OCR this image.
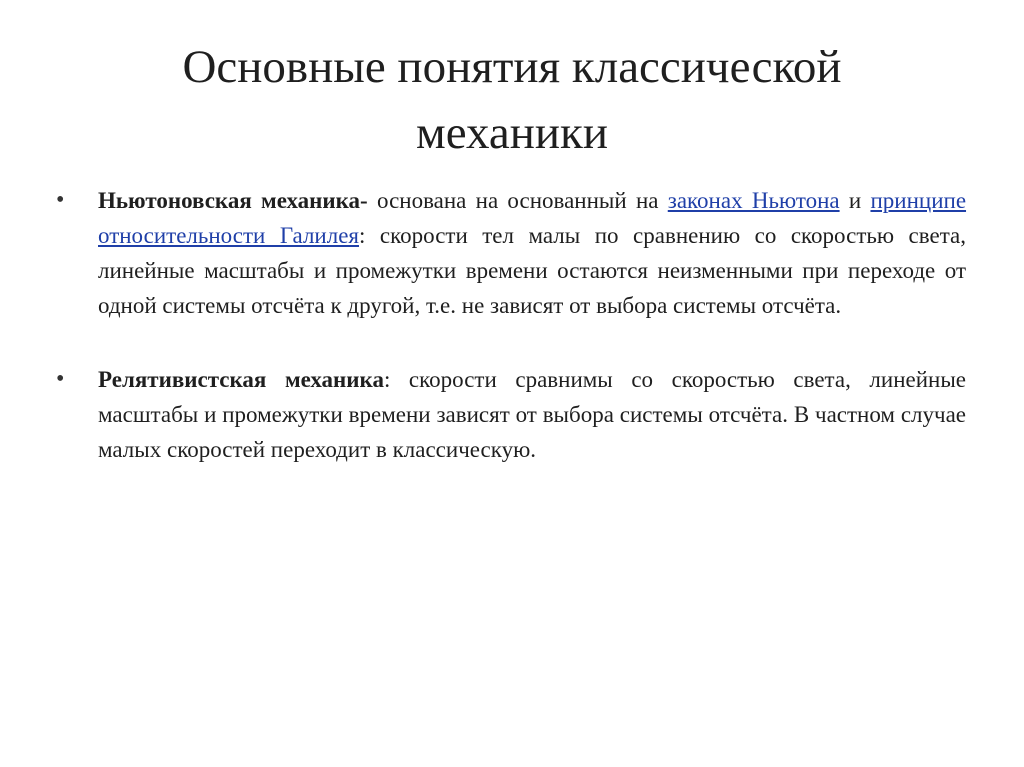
Основные понятия классической
механики
•	Ньютоновская механика- основана на основанный на законах Ньютона и принципе относительности Галилея: скорости тел малы по сравнению со скоростью света, линейные масштабы и промежутки времени остаются неизменными при переходе от одной системы отсчёта к другой, т.е. не зависят от выбора системы отсчёта.
•	Релятивистская механика: скорости сравнимы со скоростью света, линейные масштабы и промежутки времени зависят от выбора системы отсчёта. В частном случае малых скоростей переходит в классическую.
